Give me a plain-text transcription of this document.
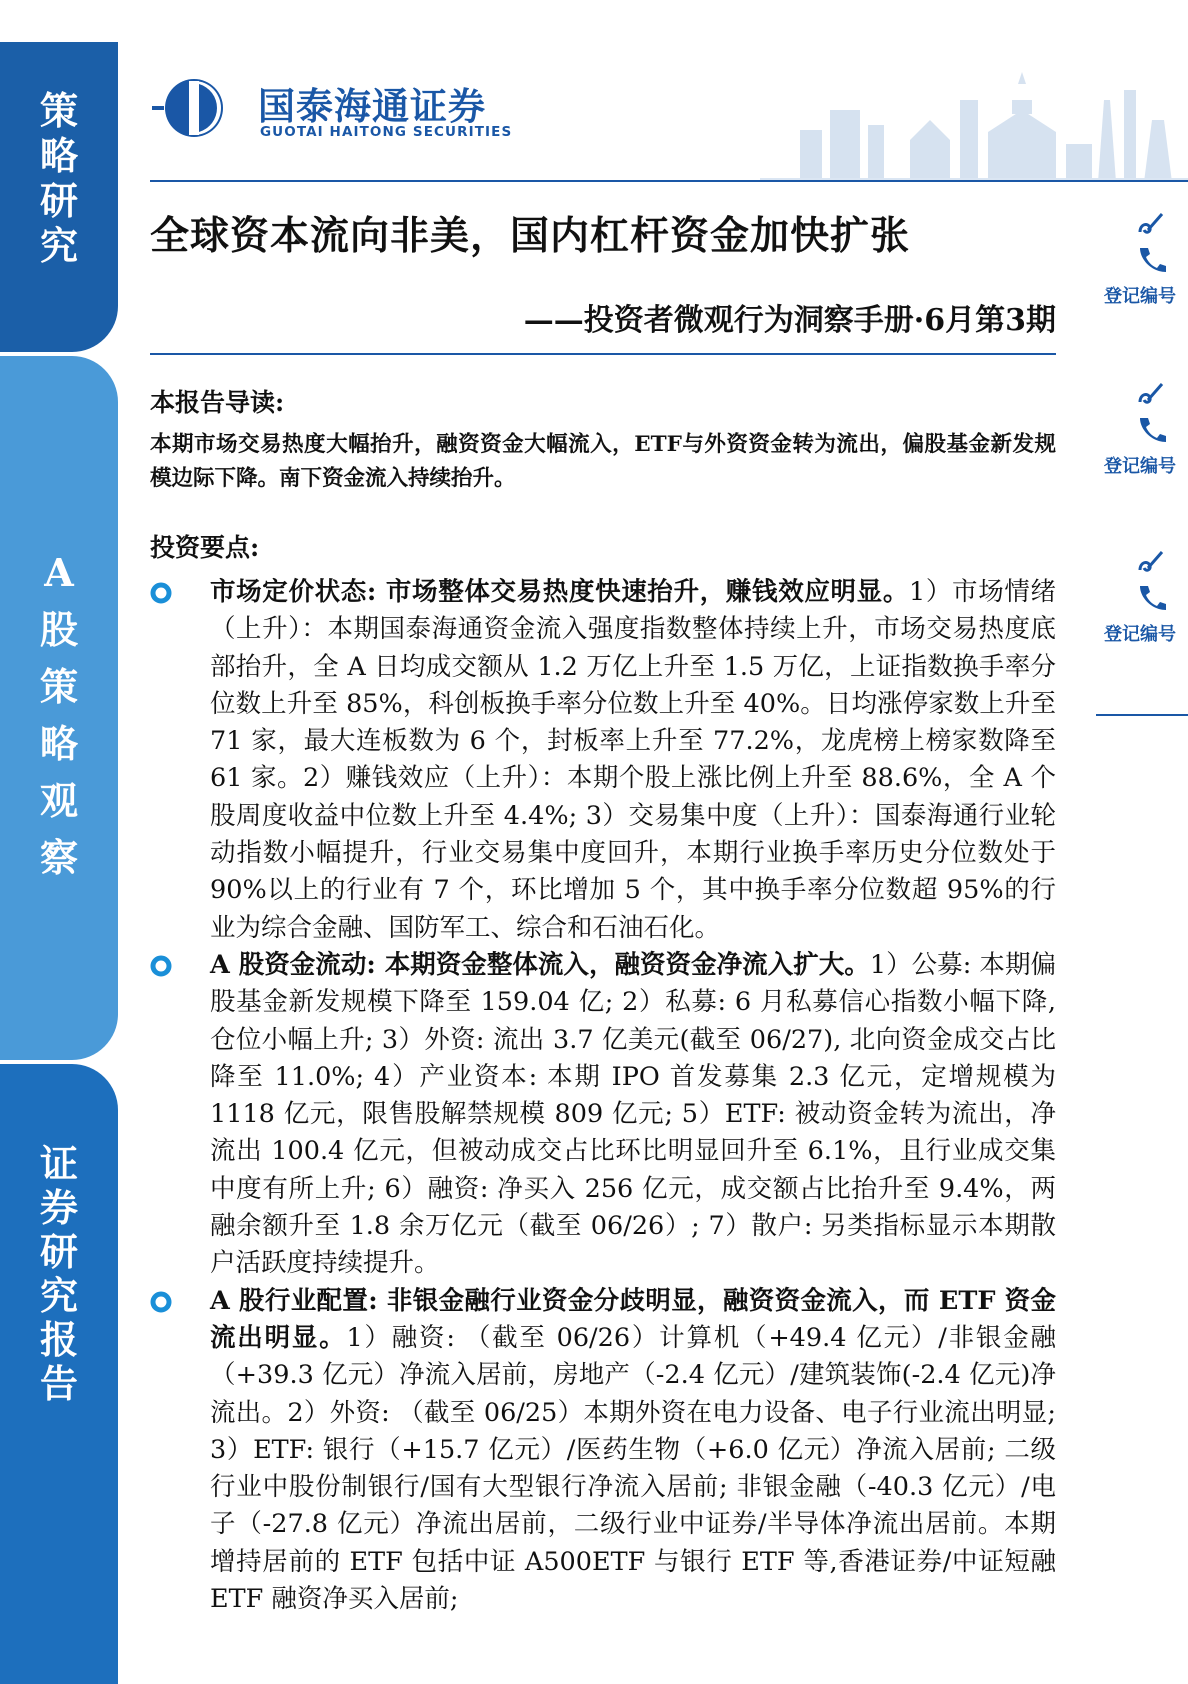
策
略
研
究
A
股
策
略
观
察
证
券
研
究
报
告
国泰海通证券
GUOTAI HAITONG SECURITIES
全球资本流向非美，国内杠杆资金加快扩张
——投资者微观行为洞察手册·6月第3期
本报告导读:
本期市场交易热度大幅抬升，融资资金大幅流入，ETF与外资资金转为流出，偏股基金新发规模边际下降。南下资金流入持续抬升。
投资要点:
市场定价状态: 市场整体交易热度快速抬升，赚钱效应明显。1）市场情绪（上升）：本期国泰海通资金流入强度指数整体持续上升，市场交易热度底部抬升，全 A 日均成交额从 1.2 万亿上升至 1.5 万亿，上证指数换手率分位数上升至 85%，科创板换手率分位数上升至 40%。日均涨停家数上升至 71 家，最大连板数为 6 个，封板率上升至 77.2%，龙虎榜上榜家数降至 61 家。2）赚钱效应（上升）：本期个股上涨比例上升至 88.6%，全 A 个股周度收益中位数上升至 4.4%; 3）交易集中度（上升）：国泰海通行业轮动指数小幅提升，行业交易集中度回升，本期行业换手率历史分位数处于 90%以上的行业有 7 个，环比增加 5 个，其中换手率分位数超 95%的行业为综合金融、国防军工、综合和石油石化。
A 股资金流动: 本期资金整体流入，融资资金净流入扩大。1）公募: 本期偏股基金新发规模下降至 159.04 亿; 2）私募: 6 月私募信心指数小幅下降, 仓位小幅上升; 3）外资: 流出 3.7 亿美元(截至 06/27), 北向资金成交占比降至 11.0%; 4）产业资本: 本期 IPO 首发募集 2.3 亿元，定增规模为 1118 亿元，限售股解禁规模 809 亿元; 5）ETF: 被动资金转为流出，净流出 100.4 亿元，但被动成交占比环比明显回升至 6.1%，且行业成交集中度有所上升; 6）融资: 净买入 256 亿元，成交额占比抬升至 9.4%，两融余额升至 1.8 余万亿元（截至 06/26）; 7）散户: 另类指标显示本期散户活跃度持续提升。
A 股行业配置: 非银金融行业资金分歧明显，融资资金流入，而 ETF 资金流出明显。1）融资: （截至 06/26）计算机（+49.4 亿元）/非银金融（+39.3 亿元）净流入居前，房地产（-2.4 亿元）/建筑装饰(-2.4 亿元)净流出。2）外资: （截至 06/25）本期外资在电力设备、电子行业流出明显; 3）ETF: 银行（+15.7 亿元）/医药生物（+6.0 亿元）净流入居前; 二级行业中股份制银行/国有大型银行净流入居前; 非银金融（-40.3 亿元）/电子（-27.8 亿元）净流出居前，二级行业中证券/半导体净流出居前。本期增持居前的 ETF 包括中证 A500ETF 与银行 ETF 等,香港证券/中证短融 ETF 融资净买入居前;

登记编号

登记编号

登记编号
